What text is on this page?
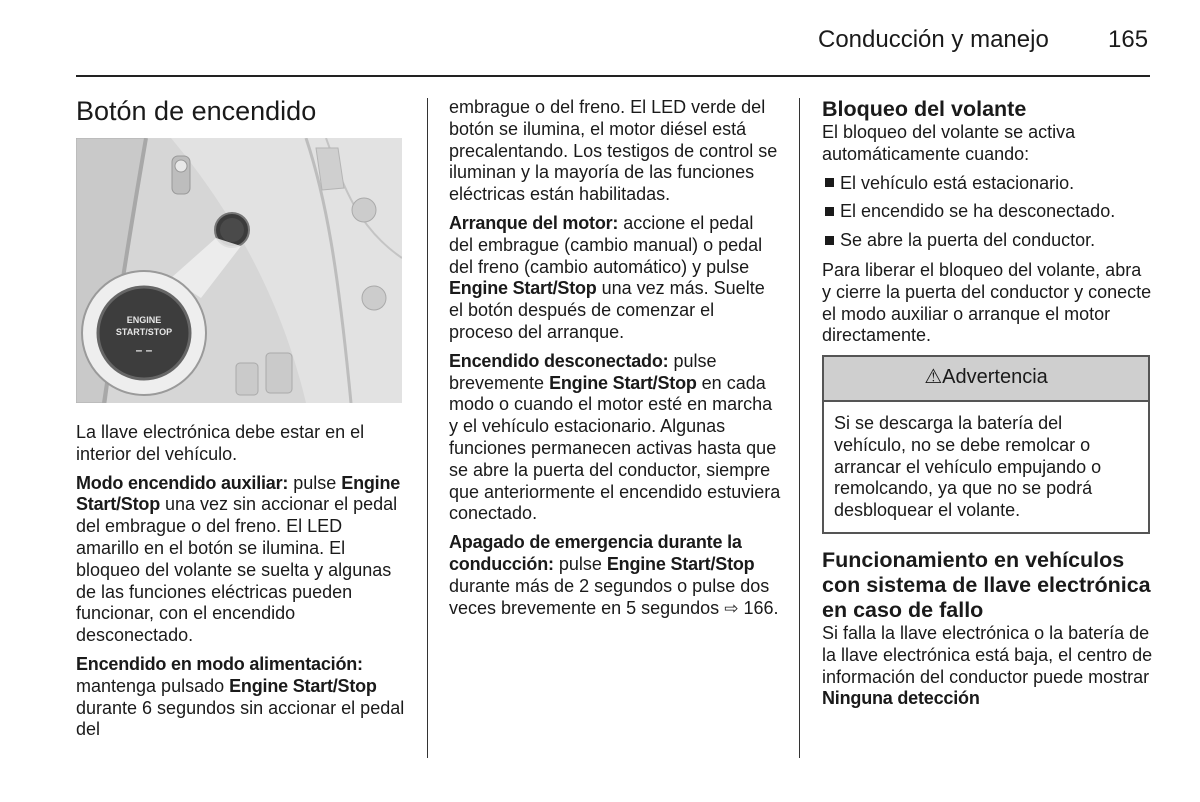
Conducción y manejo 165
Botón de encendido
ENGINE
START/STOP
– –

La llave electrónica debe estar en el interior del vehículo.

Modo encendido auxiliar: pulse Engine Start/Stop una vez sin accionar el pedal del embrague o del freno. El LED amarillo en el botón se ilumina. El bloqueo del volante se suelta y algunas de las funciones eléctricas pueden funcionar, con el encendido desconectado.

Encendido en modo alimentación: mantenga pulsado Engine Start/Stop durante 6 segundos sin accionar el pedal del

embrague o del freno. El LED verde del botón se ilumina, el motor diésel está precalentando. Los testigos de control se iluminan y la mayoría de las funciones eléctricas están habilitadas.

Arranque del motor: accione el pedal del embrague (cambio manual) o pedal del freno (cambio automático) y pulse Engine Start/Stop una vez más. Suelte el botón después de comenzar el proceso del arranque.

Encendido desconectado: pulse brevemente Engine Start/Stop en cada modo o cuando el motor esté en marcha y el vehículo estacionario. Algunas funciones permanecen activas hasta que se abre la puerta del conductor, siempre que anteriormente el encendido estuviera conectado.

Apagado de emergencia durante la conducción: pulse Engine Start/Stop durante más de 2 segundos o pulse dos veces brevemente en 5 segundos ⇨ 166.

Bloqueo del volante

El bloqueo del volante se activa automáticamente cuando:

El vehículo está estacionario.
El encendido se ha desconectado.
Se abre la puerta del conductor.

Para liberar el bloqueo del volante, abra y cierre la puerta del conductor y conecte el modo auxiliar o arranque el motor directamente.

⚠Advertencia
Si se descarga la batería del vehículo, no se debe remolcar o arrancar el vehículo empujando o remolcando, ya que no se podrá desbloquear el volante.
Funcionamiento en vehículos con sistema de llave electrónica en caso de fallo

Si falla la llave electrónica o la batería de la llave electrónica está baja, el centro de información del conductor puede mostrar Ninguna detección
